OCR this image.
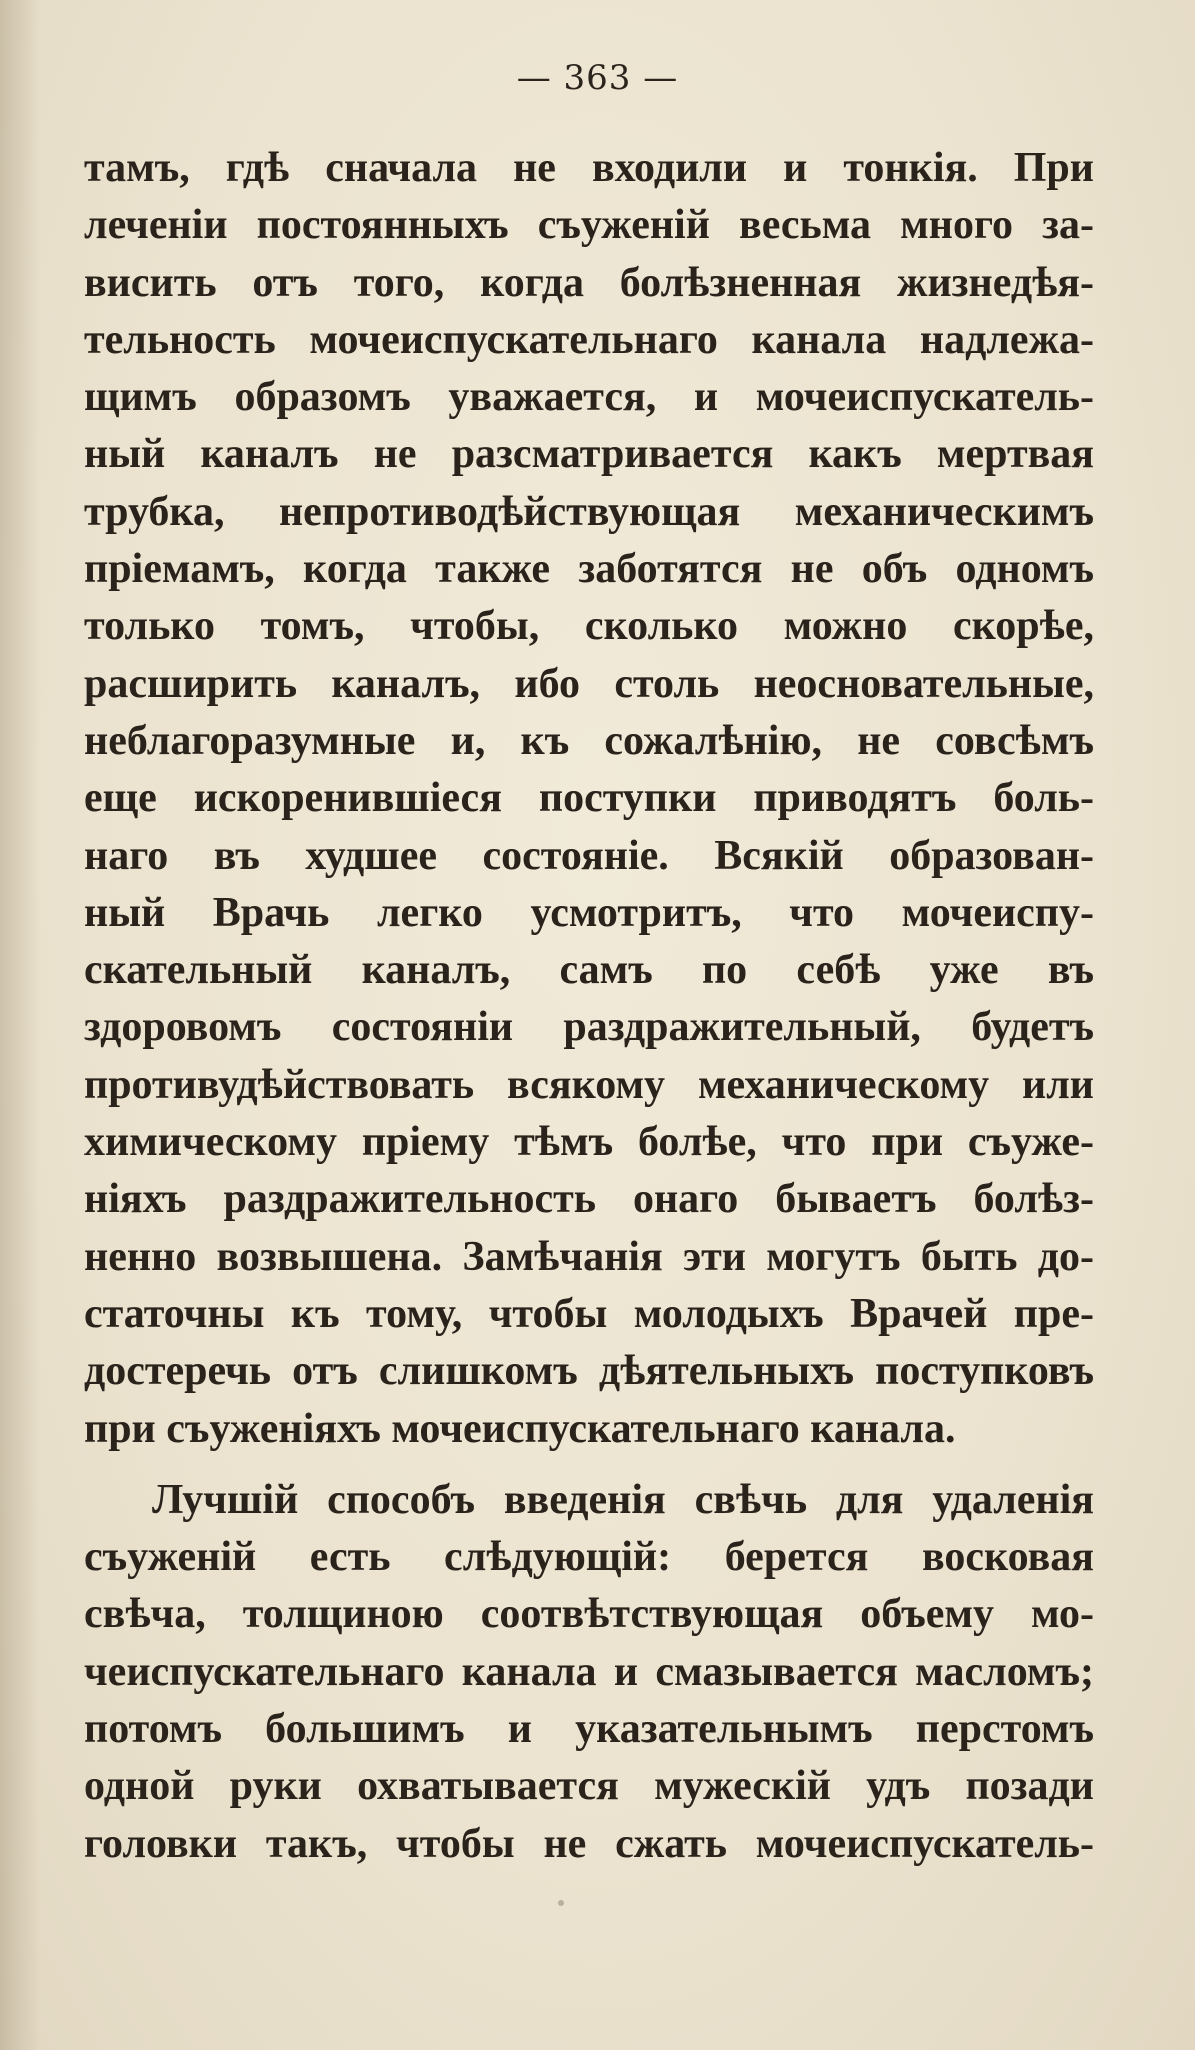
— 363 —
тамъ, гдѣ сначала не входили и тонкія. При
леченіи постоянныхъ съуженій весьма много за-
висить отъ того, когда болѣзненная жизнедѣя-
тельность мочеиспускательнаго канала надлежа-
щимъ образомъ уважается, и мочеиспускатель-
ный каналъ не разсматривается какъ мертвая
трубка, непротиводѣйствующая механическимъ
пріемамъ, когда также заботятся не объ одномъ
только томъ, чтобы, сколько можно скорѣе,
расширить каналъ, ибо столь неосновательные,
неблагоразумные и, къ сожалѣнію, не совсѣмъ
еще искоренившіеся поступки приводятъ боль-
наго въ худшее состояніе. Всякій образован-
ный Врачь легко усмотритъ, что мочеиспу-
скательный каналъ, самъ по себѣ уже въ
здоровомъ состояніи раздражительный, будетъ
противудѣйствовать всякому механическому или
химическому пріему тѣмъ болѣе, что при съуже-
ніяхъ раздражительность онаго бываетъ болѣз-
ненно возвышена. Замѣчанія эти могутъ быть до-
статочны къ тому, чтобы молодыхъ Врачей пре-
достеречь отъ слишкомъ дѣятельныхъ поступковъ
при съуженіяхъ мочеиспускательнаго канала.
Лучшій способъ введенія свѣчь для удаленія
съуженій есть слѣдующій: берется восковая
свѣча, толщиною соотвѣтствующая объему мо-
чеиспускательнаго канала и смазывается масломъ;
потомъ большимъ и указательнымъ перстомъ
одной руки охватывается мужескій удъ позади
головки такъ, чтобы не сжать мочеиспускатель-
